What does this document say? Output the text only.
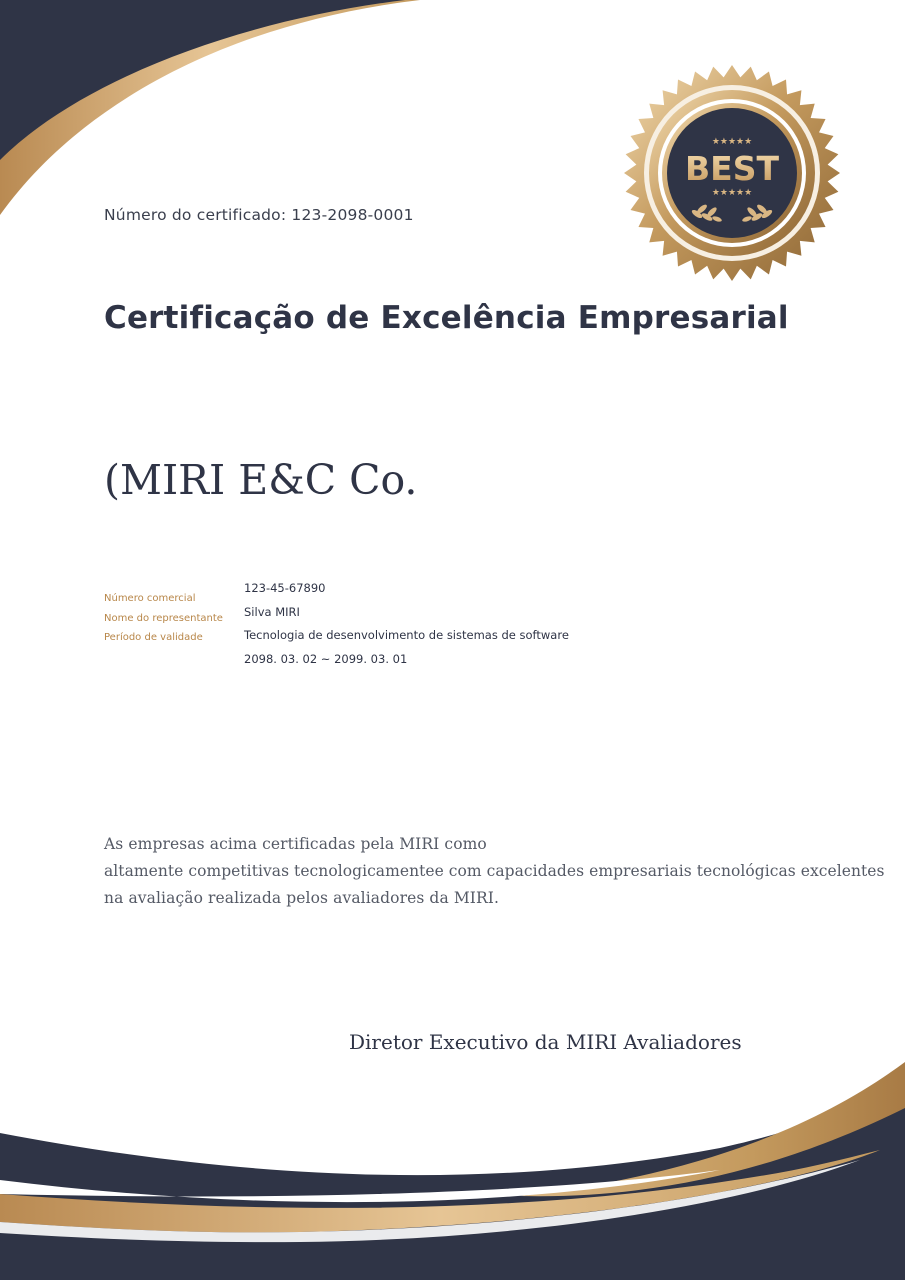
★★★★★
BEST
★★★★★

Número do certificado: 123-2098-0001

Certificação de Excelência Empresarial
(MIRI E&C Co.
Número comercial
Nome do representante
Período de validade
123-45-67890
Silva MIRI
Tecnologia de desenvolvimento de sistemas de software
2098. 03. 02 ~ 2099. 03. 01
As empresas acima certificadas pela MIRI como
altamente competitivas tecnologicamentee com capacidades empresariais tecnológicas excelentes
na avaliação realizada pelos avaliadores da MIRI.
Diretor Executivo da MIRI Avaliadores
